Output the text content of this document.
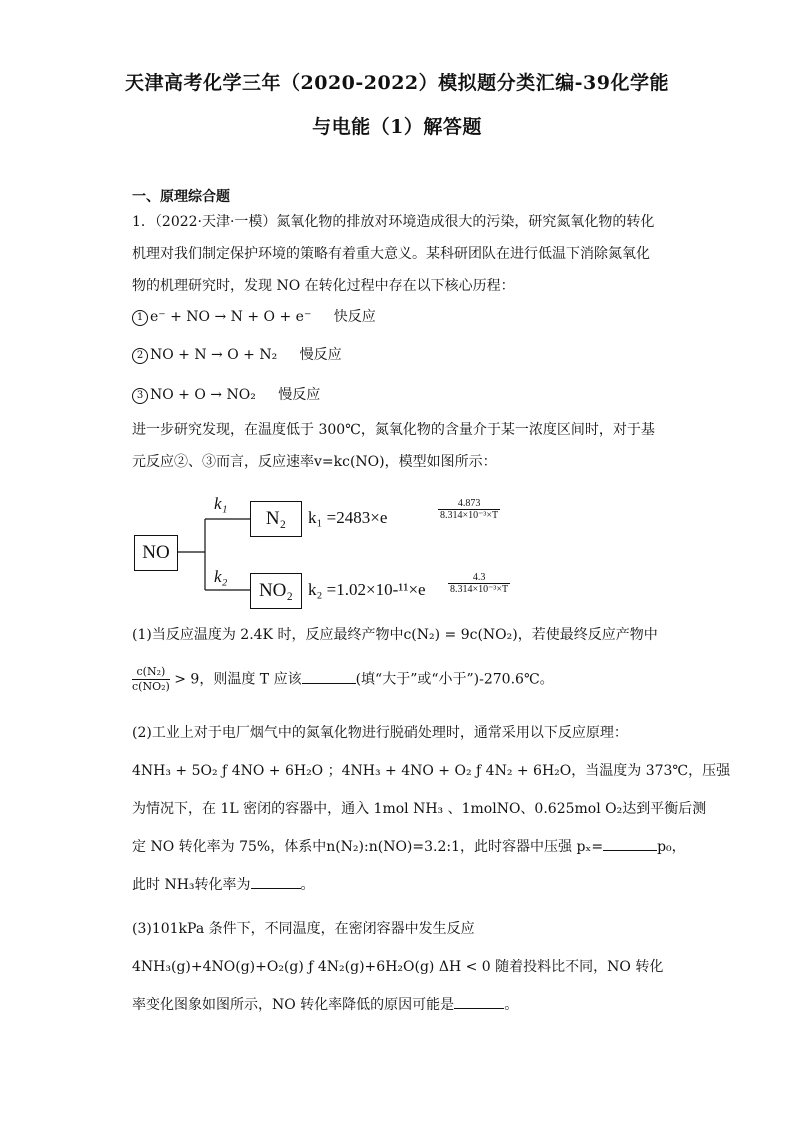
天津高考化学三年（2020-2022）模拟题分类汇编-39化学能
与电能（1）解答题
一、原理综合题
1．（2022·天津·一模）氮氧化物的排放对环境造成很大的污染，研究氮氧化物的转化机理对我们制定保护环境的策略有着重大意义。某科研团队在进行低温下消除氮氧化物的机理研究时，发现 NO 在转化过程中存在以下核心历程：
1 e⁻ + NO → N + O + e⁻ 快反应
2 NO + N → O + N₂ 慢反应
3 NO + O → NO₂ 慢反应
进一步研究发现，在温度低于 300℃，氮氧化物的含量介于某一浓度区间时，对于基元反应②、③而言，反应速率v=kc(NO)，模型如图所示：
NO
N₂
NO₂
k₁
k₂
k₁ =2483×e	$\frac{4.873}{\text{8.314×10⁻³×T}}$
$k_2 =1.02\times 10-^{11}\times e \frac{4.3}{\text{8.314×10⁻³×T}}$
(1)当反应温度为 2.4K 时，反应最终产物中c(N₂) = 9c(NO₂)，若使最终反应产物中
$\frac{\text{c(N₂)}}{\text{c(NO₂)}} > 9$，则温度 T 应该	(填“大于”或“小于”)-270.6℃。
(2)工业上对于电厂烟气中的氮氧化物进行脱硝处理时，通常采用以下反应原理：
4NH₃ + 5O₂ ƒ 4NO + 6H₂O ；4NH₃ + 4NO + O₂ ƒ 4N₂ + 6H₂O，当温度为 373℃，压强
为情况下，在 1L 密闭的容器中，通入 1mol NH₃ 、1molNO、0.625mol O₂达到平衡后测
定 NO 转化率为 75%，体系中n(N₂):n(NO)=3.2:1，此时容器中压强 pₓ=	p₀，
此时 NH₃转化率为	。
(3)101kPa 条件下，不同温度，在密闭容器中发生反应
4NH₃(g)+4NO(g)+O₂(g) ƒ 4N₂(g)+6H₂O(g) ΔH < 0 随着投料比不同，NO 转化
率变化图象如图所示，NO 转化率降低的原因可能是	。
